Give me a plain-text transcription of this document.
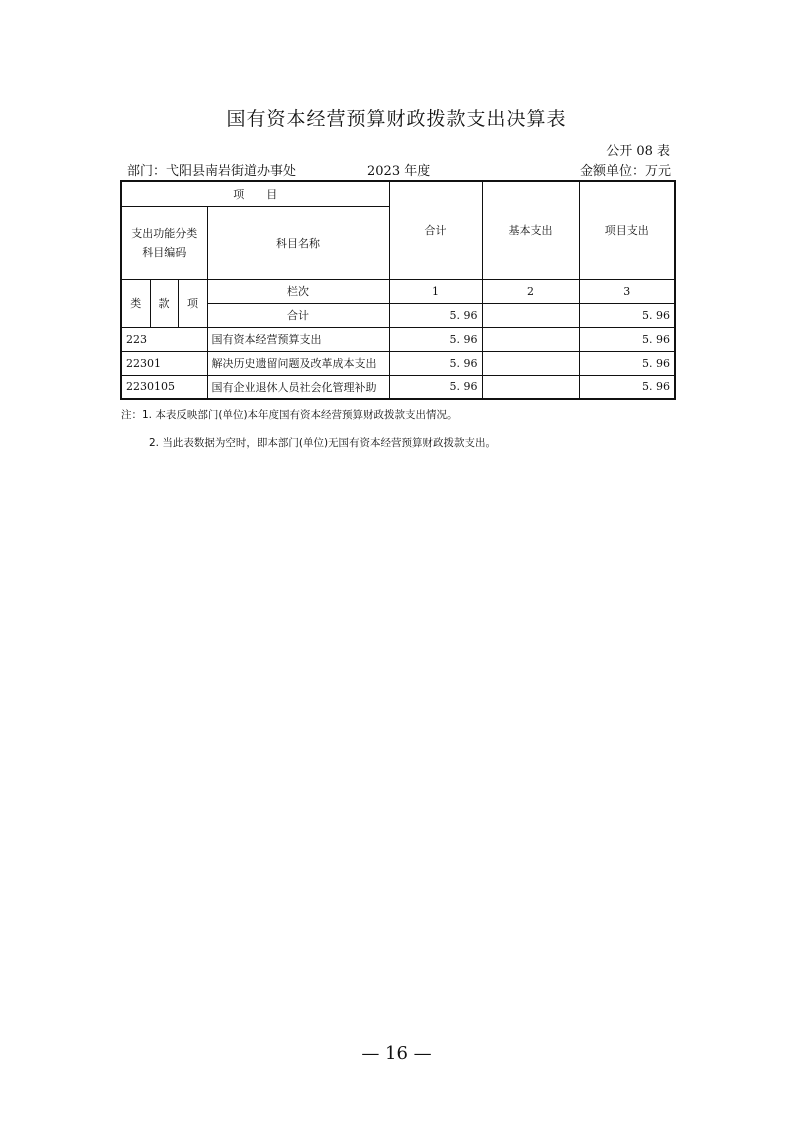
国有资本经营预算财政拨款支出决算表
公开 08 表
部门：弋阳县南岩街道办事处	2023 年度	金额单位：万元
项　　目				合计	基本支出	项目支出
支出功能分类科目编码			科目名称			
类	款	项	栏次	1	2	3
			合计	5. 96		5. 96
223			国有资本经营预算支出	5. 96		5. 96
22301			解决历史遗留问题及改革成本支出	5. 96		5. 96
2230105			国有企业退休人员社会化管理补助	5. 96		5. 96
注：1. 本表反映部门(单位)本年度国有资本经营预算财政拨款支出情况。
2. 当此表数据为空时，即本部门(单位)无国有资本经营预算财政拨款支出。
— 16 —
